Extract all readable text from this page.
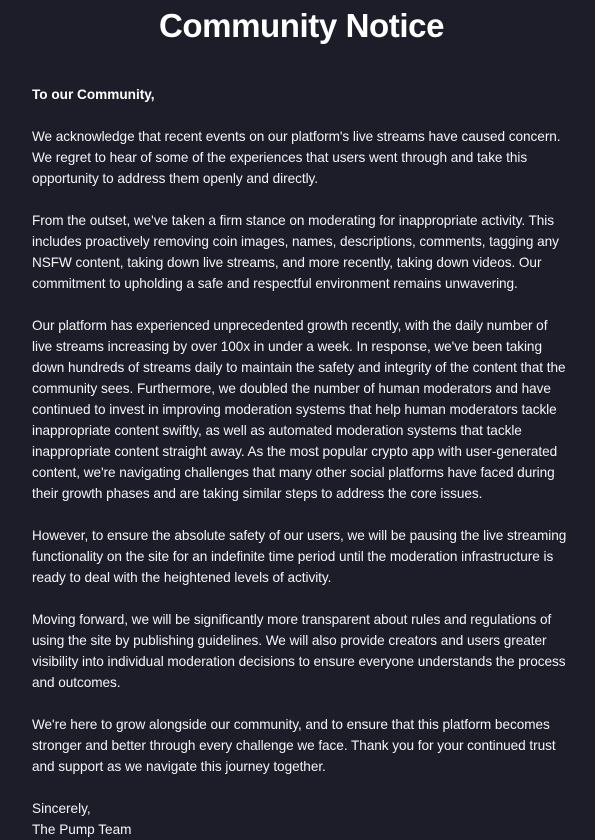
Community Notice

To our Community,

We acknowledge that recent events on our platform's live streams have caused concern. We regret to hear of some of the experiences that users went through and take this opportunity to address them openly and directly.

From the outset, we've taken a firm stance on moderating for inappropriate activity. This includes proactively removing coin images, names, descriptions, comments, tagging any NSFW content, taking down live streams, and more recently, taking down videos. Our commitment to upholding a safe and respectful environment remains unwavering.

Our platform has experienced unprecedented growth recently, with the daily number of live streams increasing by over 100x in under a week. In response, we've been taking down hundreds of streams daily to maintain the safety and integrity of the content that the community sees. Furthermore, we doubled the number of human moderators and have continued to invest in improving moderation systems that help human moderators tackle inappropriate content swiftly, as well as automated moderation systems that tackle inappropriate content straight away. As the most popular crypto app with user-generated content, we're navigating challenges that many other social platforms have faced during their growth phases and are taking similar steps to address the core issues.

However, to ensure the absolute safety of our users, we will be pausing the live streaming functionality on the site for an indefinite time period until the moderation infrastructure is ready to deal with the heightened levels of activity.

Moving forward, we will be significantly more transparent about rules and regulations of using the site by publishing guidelines. We will also provide creators and users greater visibility into individual moderation decisions to ensure everyone understands the process and outcomes.

We're here to grow alongside our community, and to ensure that this platform becomes stronger and better through every challenge we face. Thank you for your continued trust and support as we navigate this journey together.

Sincerely,
The Pump Team
